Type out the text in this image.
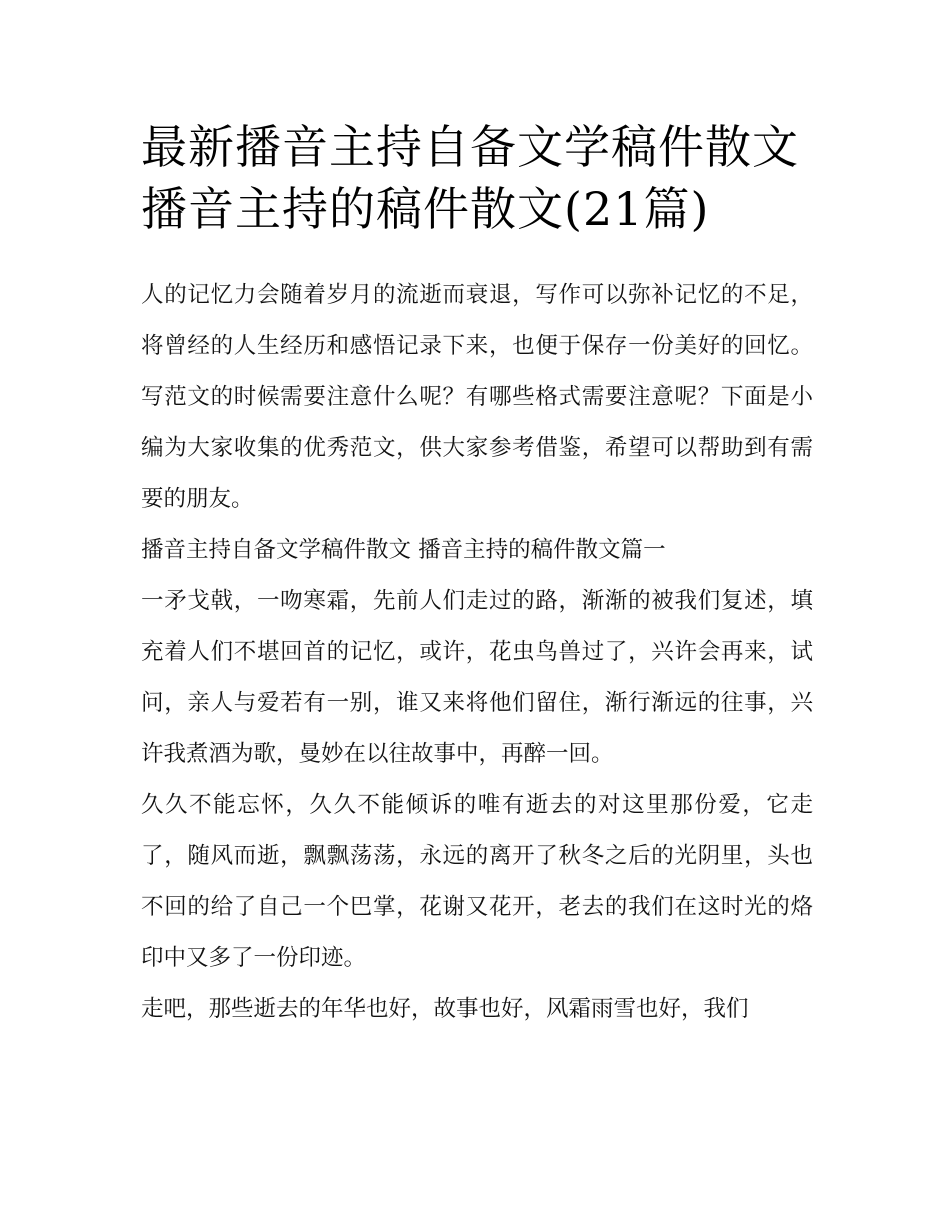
最新播音主持自备文学稿件散文 播音主持的稿件散文(21篇)

人的记忆力会随着岁月的流逝而衰退，写作可以弥补记忆的不足，将曾经的人生经历和感悟记录下来，也便于保存一份美好的回忆。写范文的时候需要注意什么呢？有哪些格式需要注意呢？下面是小编为大家收集的优秀范文，供大家参考借鉴，希望可以帮助到有需要的朋友。

播音主持自备文学稿件散文 播音主持的稿件散文篇一

一矛戈戟，一吻寒霜，先前人们走过的路，渐渐的被我们复述，填充着人们不堪回首的记忆，或许，花虫鸟兽过了，兴许会再来，试问，亲人与爱若有一别，谁又来将他们留住，渐行渐远的往事，兴许我煮酒为歌，曼妙在以往故事中，再醉一回。

久久不能忘怀，久久不能倾诉的唯有逝去的对这里那份爱，它走了，随风而逝，飘飘荡荡，永远的离开了秋冬之后的光阴里，头也不回的给了自己一个巴掌，花谢又花开，老去的我们在这时光的烙印中又多了一份印迹。

走吧，那些逝去的年华也好，故事也好，风霜雨雪也好，我们
